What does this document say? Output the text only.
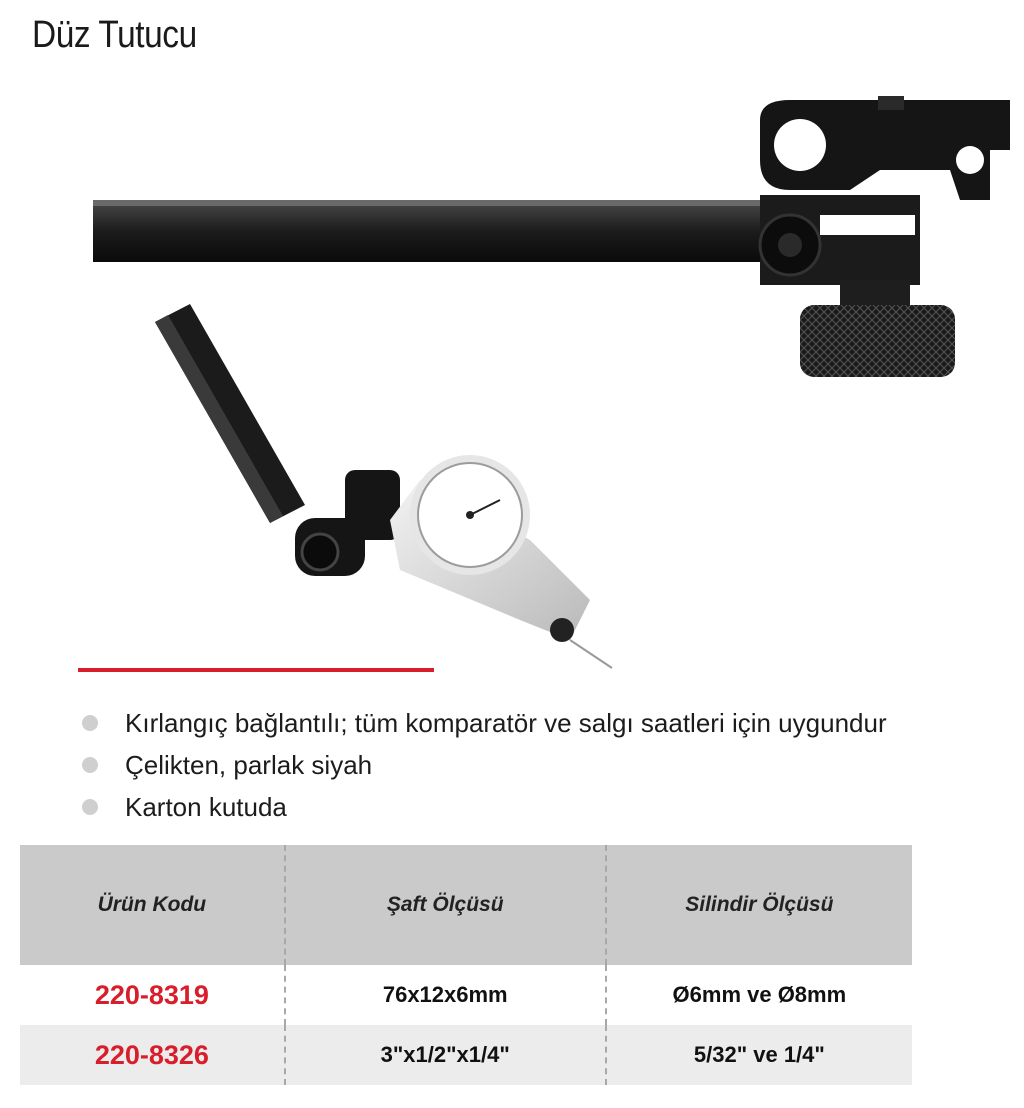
Düz Tutucu
Kırlangıç bağlantılı; tüm komparatör ve salgı saatleri için uygundur
Çelikten, parlak siyah
Karton kutuda
Ürün Kodu	Şaft Ölçüsü	Silindir Ölçüsü
220-8319	76x12x6mm	Ø6mm ve Ø8mm
220-8326	3"x1/2"x1/4"	5/32" ve 1/4"
